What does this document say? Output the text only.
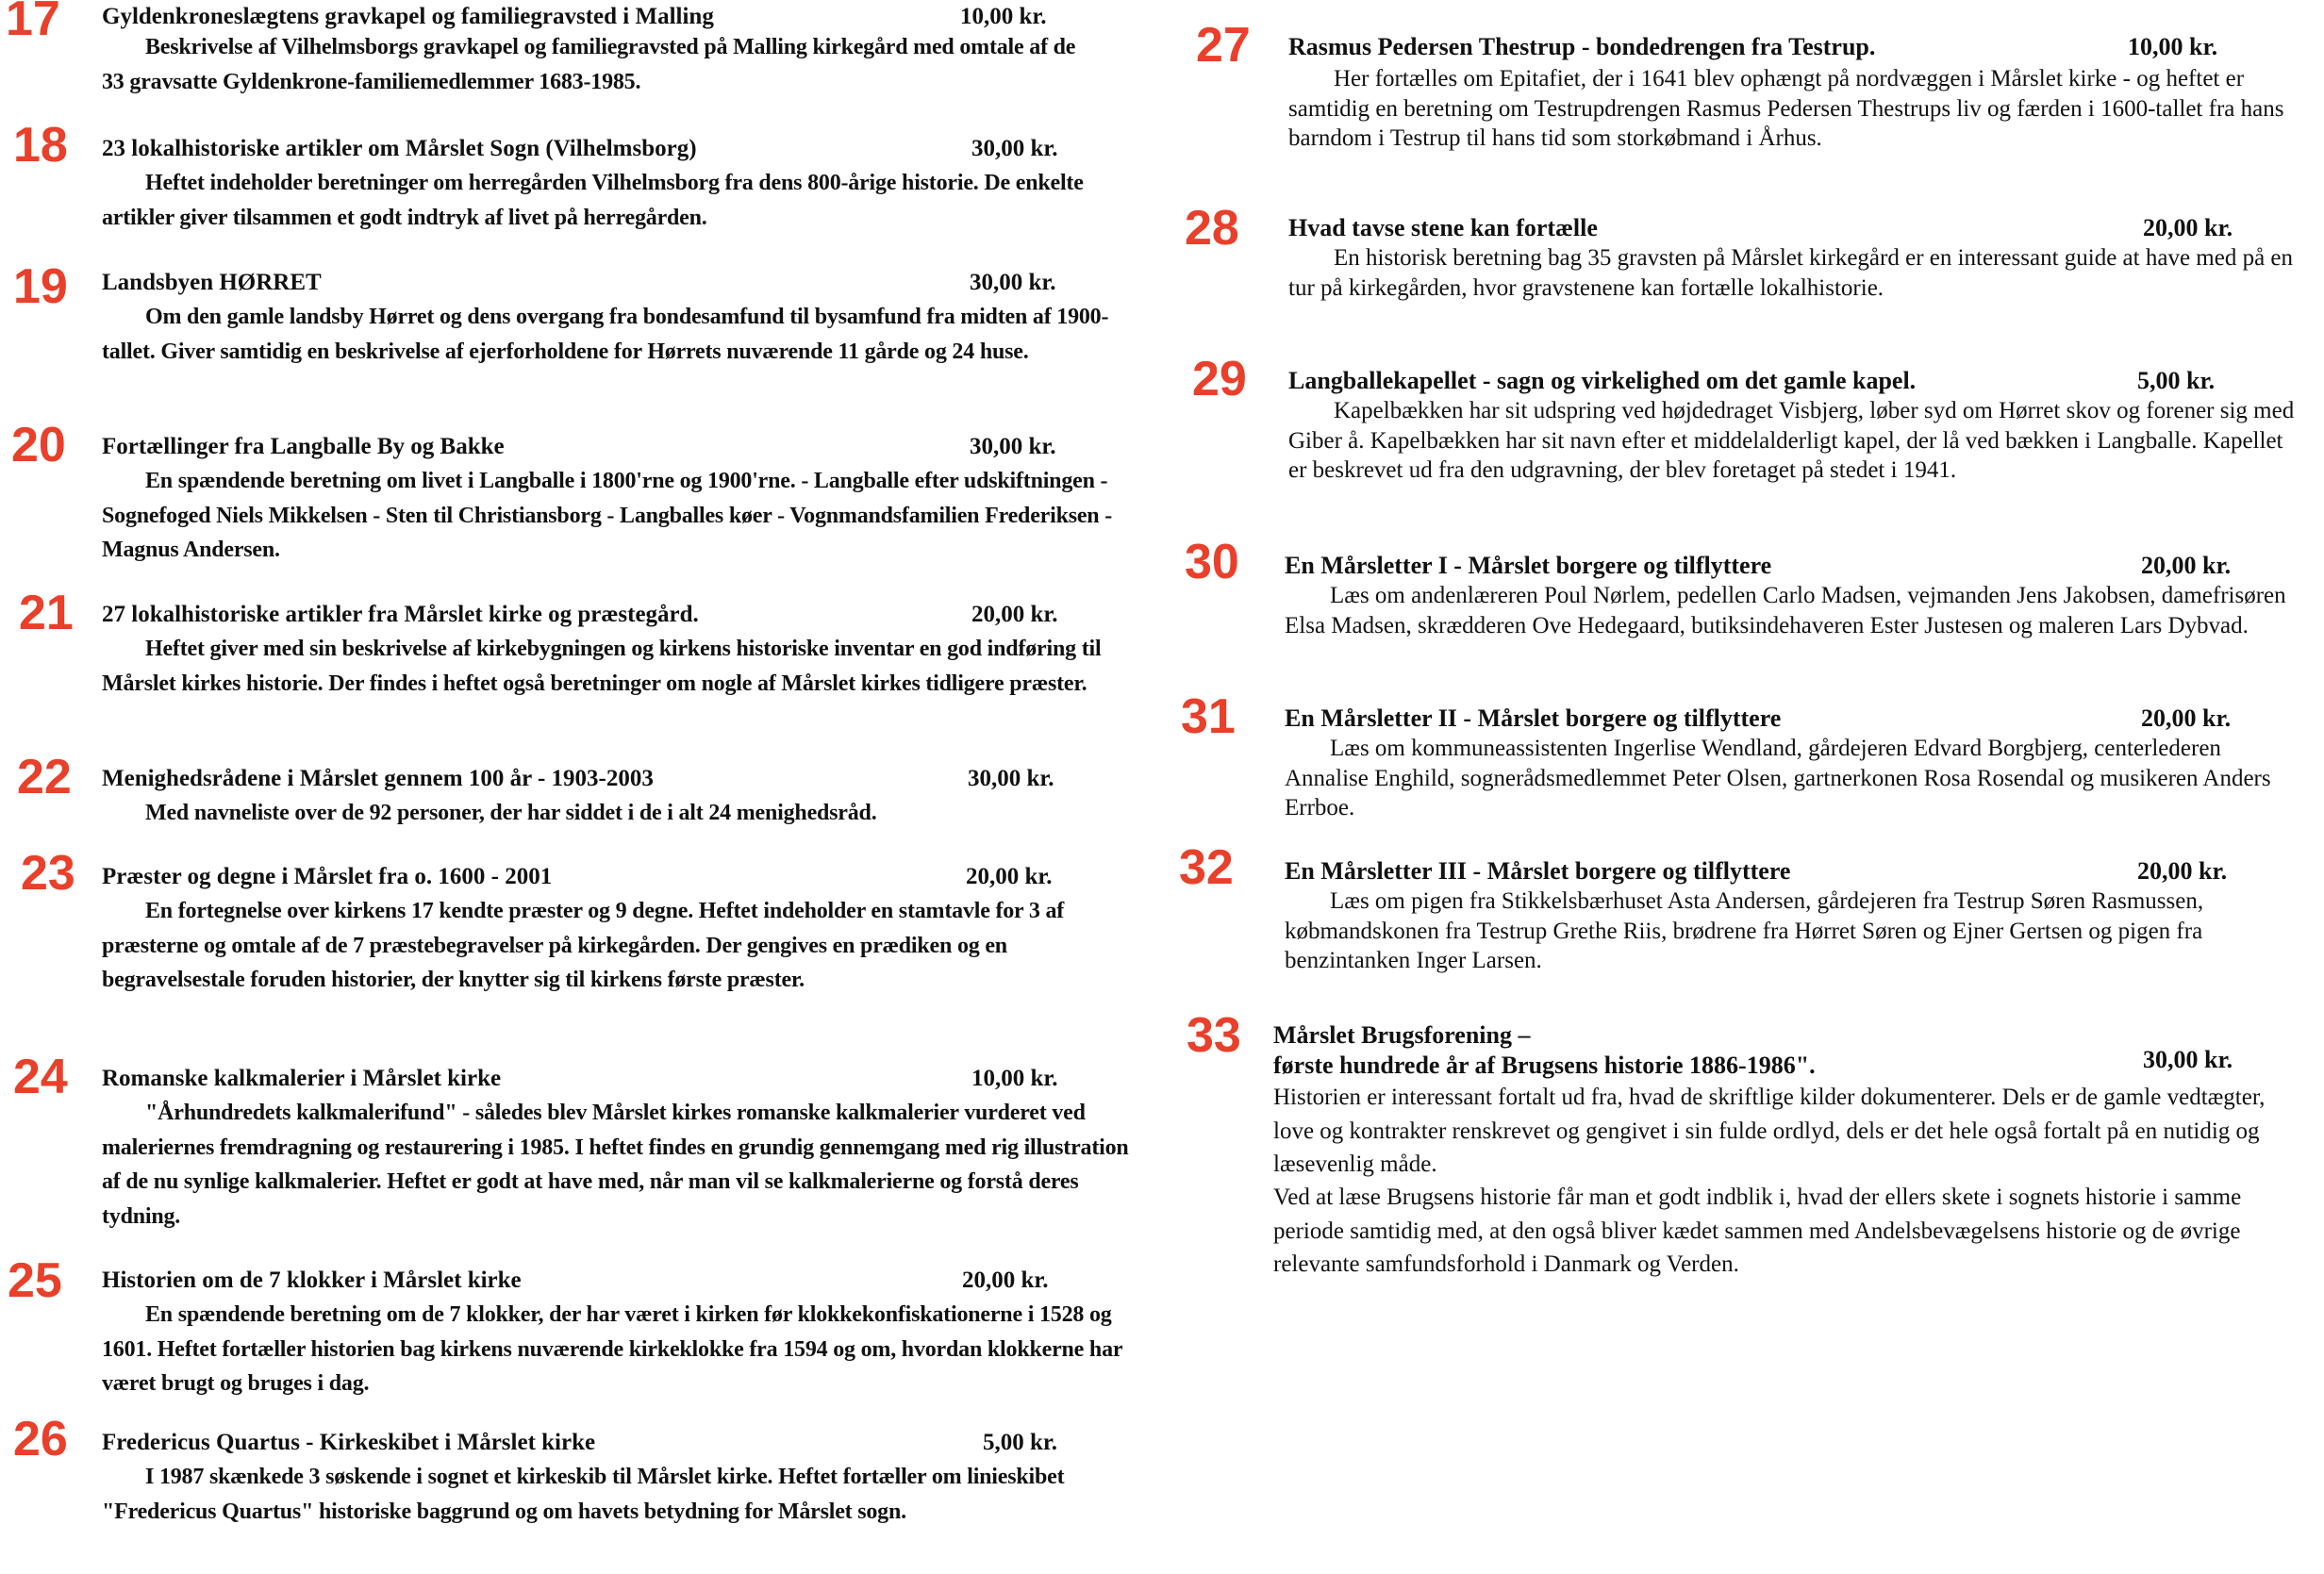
17 Gyldenkroneslægtens gravkapel og familiegravsted i Malling	10,00 kr.
Beskrivelse af Vilhelmsborgs gravkapel og familiegravsted på Malling kirkegård med omtale af de 33 gravsatte Gyldenkrone-familiemedlemmer 1683-1985.
18 23 lokalhistoriske artikler om Mårslet Sogn (Vilhelmsborg)	30,00 kr.
Heftet indeholder beretninger om herregården Vilhelmsborg fra dens 800-årige historie. De enkelte artikler giver tilsammen et godt indtryk af livet på herregården.
19 Landsbyen HØRRET	30,00 kr.
Om den gamle landsby Hørret og dens overgang fra bondesamfund til bysamfund fra midten af 1900-tallet. Giver samtidig en beskrivelse af ejerforholdene for Hørrets nuværende 11 gårde og 24 huse.
20 Fortællinger fra Langballe By og Bakke	30,00 kr.
En spændende beretning om livet i Langballe i 1800'rne og 1900'rne. - Langballe efter udskiftningen - Sognefoged Niels Mikkelsen - Sten til Christiansborg - Langballes køer - Vognmandsfamilien Frederiksen - Magnus Andersen.
21 27 lokalhistoriske artikler fra Mårslet kirke og præstegård.	20,00 kr.
Heftet giver med sin beskrivelse af kirkebygningen og kirkens historiske inventar en god indføring til Mårslet kirkes historie. Der findes i heftet også beretninger om nogle af Mårslet kirkes tidligere præster.
22 Menighedsrådene i Mårslet gennem 100 år - 1903-2003	30,00 kr.
Med navneliste over de 92 personer, der har siddet i de i alt 24 menighedsråd.
23 Præster og degne i Mårslet fra o. 1600 - 2001	20,00 kr.
En fortegnelse over kirkens 17 kendte præster og 9 degne. Heftet indeholder en stamtavle for 3 af præsterne og omtale af de 7 præstebegravelser på kirkegården. Der gengives en prædiken og en begravelsestale foruden historier, der knytter sig til kirkens første præster.
24 Romanske kalkmalerier i Mårslet kirke	10,00 kr.
"Århundredets kalkmalerifund" - således blev Mårslet kirkes romanske kalkmalerier vurderet ved maleriernes fremdragning og restaurering i 1985. I heftet findes en grundig gennemgang med rig illustration af de nu synlige kalkmalerier. Heftet er godt at have med, når man vil se kalkmalerierne og forstå deres tydning.
25 Historien om de 7 klokker i Mårslet kirke	20,00 kr.
En spændende beretning om de 7 klokker, der har været i kirken før klokkekonfiskationerne i 1528 og 1601. Heftet fortæller historien bag kirkens nuværende kirkeklokke fra 1594 og om, hvordan klokkerne har været brugt og bruges i dag.
26 Fredericus Quartus - Kirkeskibet i Mårslet kirke	5,00 kr.
I 1987 skænkede 3 søskende i sognet et kirkeskib til Mårslet kirke. Heftet fortæller om linieskibet "Fredericus Quartus" historiske baggrund og om havets betydning for Mårslet sogn.
27 Rasmus Pedersen Thestrup - bondedrengen fra Testrup.	10,00 kr.
Her fortælles om Epitafiet, der i 1641 blev ophængt på nordvæggen i Mårslet kirke - og heftet er samtidig en beretning om Testrupdrengen Rasmus Pedersen Thestrups liv og færden i 1600-tallet fra hans barndom i Testrup til hans tid som storkøbmand i Århus.
28 Hvad tavse stene kan fortælle	20,00 kr.
En historisk beretning bag 35 gravsten på Mårslet kirkegård er en interessant guide at have med på en tur på kirkegården, hvor gravstenene kan fortælle lokalhistorie.
29 Langballekapellet - sagn og virkelighed om det gamle kapel.	5,00 kr.
Kapelbækken har sit udspring ved højdedraget Visbjerg, løber syd om Hørret skov og forener sig med Giber å. Kapelbækken har sit navn efter et middelalderligt kapel, der lå ved bækken i Langballe. Kapellet er beskrevet ud fra den udgravning, der blev foretaget på stedet i 1941.
30 En Mårsletter I - Mårslet borgere og tilflyttere	20,00 kr.
Læs om andenlæreren Poul Nørlem, pedellen Carlo Madsen, vejmanden Jens Jakobsen, damefrisøren Elsa Madsen, skrædderen Ove Hedegaard, butiksindehaveren Ester Justesen og maleren Lars Dybvad.
31 En Mårsletter II - Mårslet borgere og tilflyttere	20,00 kr.
Læs om kommuneassistenten Ingerlise Wendland, gårdejeren Edvard Borgbjerg, centerlederen Annalise Enghild, sognerådsmedlemmet Peter Olsen, gartnerkonen Rosa Rosendal og musikeren Anders Errboe.
32 En Mårsletter III - Mårslet borgere og tilflyttere	20,00 kr.
Læs om pigen fra Stikkelsbærhuset Asta Andersen, gårdejeren fra Testrup Søren Rasmussen, købmandskonen fra Testrup Grethe Riis, brødrene fra Hørret Søren og Ejner Gertsen og pigen fra benzintanken Inger Larsen.
33 Mårslet Brugsforening –
første hundrede år af Brugsens historie 1886-1986".	30,00 kr.
Historien er interessant fortalt ud fra, hvad de skriftlige kilder dokumenterer. Dels er de gamle vedtægter, love og kontrakter renskrevet og gengivet i sin fulde ordlyd, dels er det hele også fortalt på en nutidig og læsevenlig måde.
Ved at læse Brugsens historie får man et godt indblik i, hvad der ellers skete i sognets historie i samme periode samtidig med, at den også bliver kædet sammen med Andelsbevægelsens historie og de øvrige relevante samfundsforhold i Danmark og Verden.
